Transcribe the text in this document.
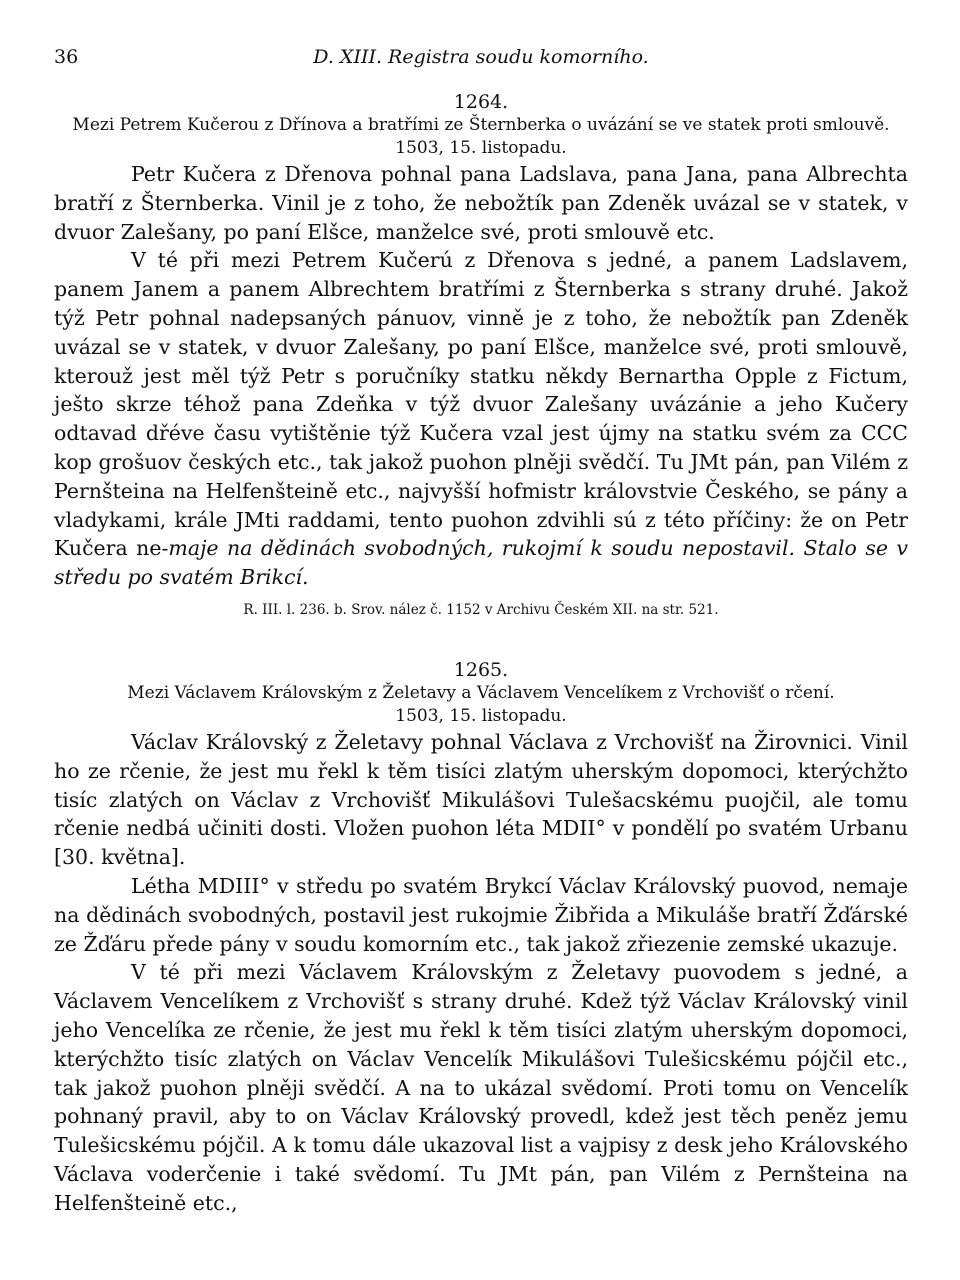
36	D. XIII. Registra soudu komorního.
1264.
Mezi Petrem Kučerou z Dřínova a bratřími ze Šternberka o uvázání se ve statek proti smlouvě.
1503, 15. listopadu.

Petr Kučera z Dřenova pohnal pana Ladslava, pana Jana, pana Albrechta bratří z Šternberka. Vinil je z toho, že nebožtík pan Zdeněk uvázal se v statek, v dvuor Zalešany, po paní Elšce, manželce své, proti smlouvě etc.

V té při mezi Petrem Kučerú z Dřenova s jedné, a panem Ladslavem, panem Janem a panem Albrechtem bratřími z Šternberka s strany druhé. Jakož týž Petr pohnal nadepsaných pánuov, vinně je z toho, že nebožtík pan Zdeněk uvázal se v statek, v dvuor Zalešany, po paní Elšce, manželce své, proti smlouvě, kterouž jest měl týž Petr s poručníky statku někdy Bernartha Opple z Fictum, ješto skrze téhož pana Zdeňka v týž dvuor Zalešany uvázánie a jeho Kučery odtavad dřéve času vytištěnie týž Kučera vzal jest újmy na statku svém za CCC kop grošuov českých etc., tak jakož puohon plněji svědčí. Tu JMt pán, pan Vilém z Pernšteina na Helfenšteině etc., najvyšší hofmistr královstvie Českého, se pány a vladykami, krále JMti raddami, tento puohon zdvihli sú z této příčiny: že on Petr Kučera ne-maje na dědinách svobodných, rukojmí k soudu nepostavil. Stalo se v středu po svatém Brikcí.

R. III. l. 236. b. Srov. nález č. 1152 v Archivu Českém XII. na str. 521.
1265.
Mezi Václavem Královským z Želetavy a Václavem Vencelíkem z Vrchovišť o rčení.
1503, 15. listopadu.

Václav Královský z Želetavy pohnal Václava z Vrchovišť na Žirovnici. Vinil ho ze rčenie, že jest mu řekl k těm tisíci zlatým uherským dopomoci, kterýchžto tisíc zlatých on Václav z Vrchovišť Mikulášovi Tulešacskému puojčil, ale tomu rčenie nedbá učiniti dosti. Vložen puohon léta MDII° v pondělí po svatém Urbanu [30. května].

Létha MDIII° v středu po svatém Brykcí Václav Královský puovod, nemaje na dědinách svobodných, postavil jest rukojmie Žibřida a Mikuláše bratří Žďárské ze Žďáru přede pány v soudu komorním etc., tak jakož zřiezenie zemské ukazuje.

V té při mezi Václavem Královským z Želetavy puovodem s jedné, a Václavem Vencelíkem z Vrchovišť s strany druhé. Kdež týž Václav Královský vinil jeho Vencelíka ze rčenie, že jest mu řekl k těm tisíci zlatým uherským dopomoci, kterýchžto tisíc zlatých on Václav Vencelík Mikulášovi Tulešicskému pójčil etc., tak jakož puohon plněji svědčí. A na to ukázal svědomí. Proti tomu on Vencelík pohnaný pravil, aby to on Václav Královský provedl, kdež jest těch peněz jemu Tulešicskému pójčil. A k tomu dále ukazoval list a vajpisy z desk jeho Královského Václava voderčenie i také svědomí. Tu JMt pán, pan Vilém z Pernšteina na Helfenšteině etc.,
